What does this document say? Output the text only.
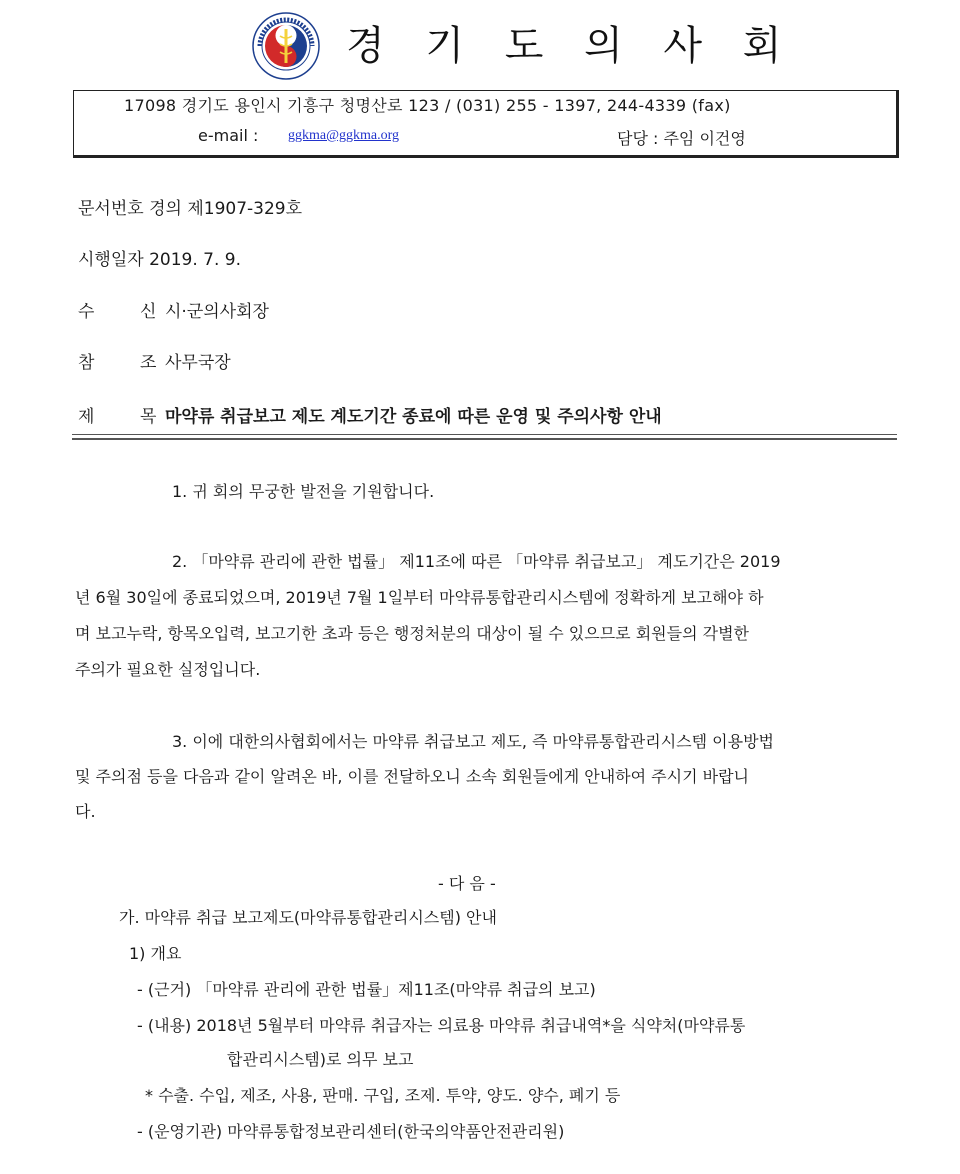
경 기 도 의 사 회
17098 경기도 용인시 기흥구 청명산로 123 / (031) 255 - 1397, 244-4339 (fax)
e-mail : ggkma@ggkma.org	담당 : 주임 이건영
문서번호 경의 제1907-329호
시행일자 2019. 7. 9.
수	신 시·군의사회장
참	조 사무국장
제	목 마약류 취급보고 제도 계도기간 종료에 따른 운영 및 주의사항 안내
1. 귀 회의 무궁한 발전을 기원합니다.
2. 「마약류 관리에 관한 법률」 제11조에 따른 「마약류 취급보고」 계도기간은 2019
년 6월 30일에 종료되었으며, 2019년 7월 1일부터 마약류통합관리시스템에 정확하게 보고해야 하
며 보고누락, 항목오입력, 보고기한 초과 등은 행정처분의 대상이 될 수 있으므로 회원들의 각별한
주의가 필요한 실정입니다.
3. 이에 대한의사협회에서는 마약류 취급보고 제도, 즉 마약류통합관리시스템 이용방법
및 주의점 등을 다음과 같이 알려온 바, 이를 전달하오니 소속 회원들에게 안내하여 주시기 바랍니
다.
- 다 음 -
가. 마약류 취급 보고제도(마약류통합관리시스템) 안내
1) 개요
- (근거) 「마약류 관리에 관한 법률」제11조(마약류 취급의 보고)
- (내용) 2018년 5월부터 마약류 취급자는 의료용 마약류 취급내역*을 식약처(마약류통
합관리시스템)로 의무 보고
* 수출. 수입, 제조, 사용, 판매. 구입, 조제. 투약, 양도. 양수, 폐기 등
- (운영기관) 마약류통합정보관리센터(한국의약품안전관리원)
